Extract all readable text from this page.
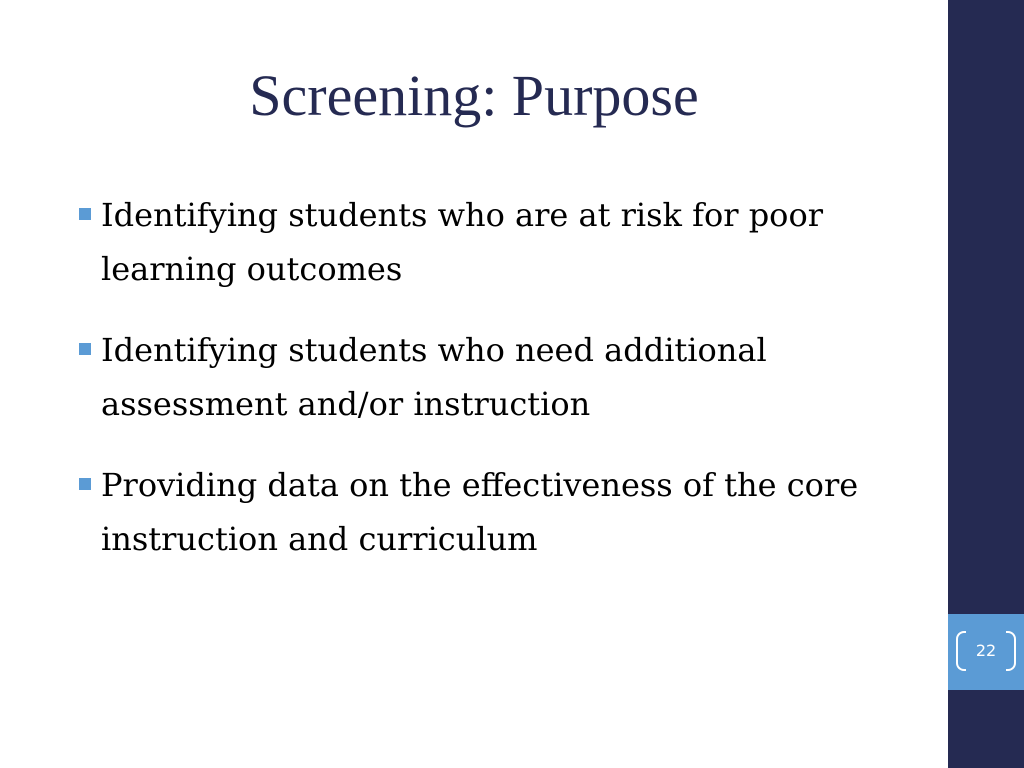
Screening: Purpose
Identifying students who are at risk for poor learning outcomes
Identifying students who need additional assessment and/or instruction
Providing data on the effectiveness of the core instruction and curriculum
22
